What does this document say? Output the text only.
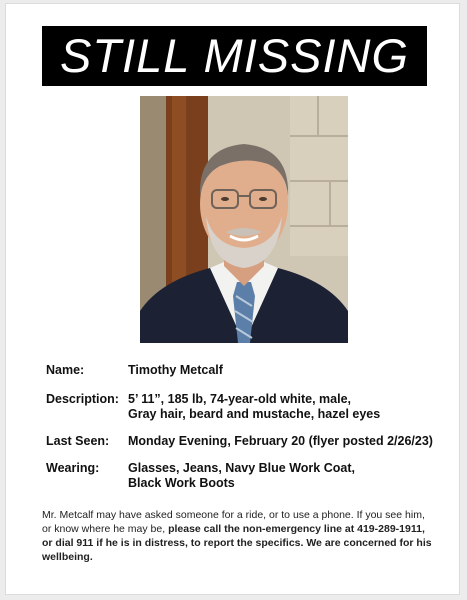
STILL MISSING
Name:	Timothy Metcalf
Description: 5’ 11”, 185 lb, 74-year-old white, male,
Gray hair, beard and mustache, hazel eyes
Last Seen: Monday Evening, February 20 (flyer posted 2/26/23)
Wearing: Glasses, Jeans, Navy Blue Work Coat,
Black Work Boots
Mr. Metcalf may have asked someone for a ride, or to use a phone. If you see him, or know where he may be, please call the non-emergency line at 419-289-1911, or dial 911 if he is in distress, to report the specifics. We are concerned for his wellbeing.
